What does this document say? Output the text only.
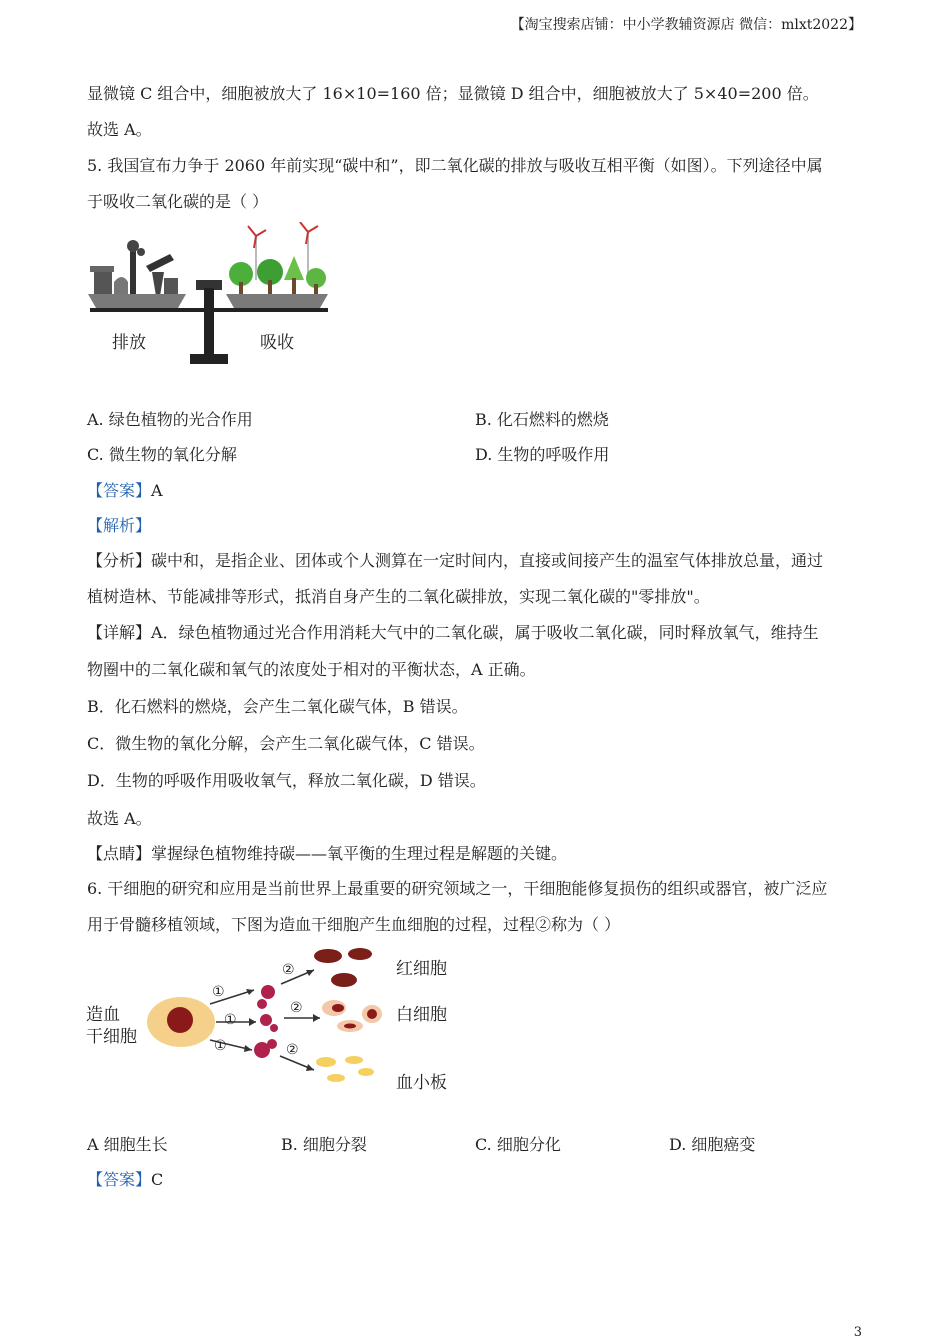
【淘宝搜索店铺：中小学教辅资源店 微信：mlxt2022】
显微镜 C 组合中，细胞被放大了 16×10=160 倍；显微镜 D 组合中，细胞被放大了 5×40=200 倍。
故选 A。
5. 我国宣布力争于 2060 年前实现“碳中和”，即二氧化碳的排放与吸收互相平衡（如图）。下列途径中属
于吸收二氧化碳的是（ ）
排放	吸收
A. 绿色植物的光合作用	B. 化石燃料的燃烧
C. 微生物的氧化分解	D. 生物的呼吸作用
【答案】A
【解析】
【分析】碳中和，是指企业、团体或个人测算在一定时间内，直接或间接产生的温室气体排放总量，通过
植树造林、节能减排等形式，抵消自身产生的二氧化碳排放，实现二氧化碳的"零排放"。
【详解】A．绿色植物通过光合作用消耗大气中的二氧化碳，属于吸收二氧化碳，同时释放氧气，维持生
物圈中的二氧化碳和氧气的浓度处于相对的平衡状态，A 正确。
B．化石燃料的燃烧，会产生二氧化碳气体，B 错误。
C．微生物的氧化分解，会产生二氧化碳气体，C 错误。
D．生物的呼吸作用吸收氧气，释放二氧化碳，D 错误。
故选 A。
【点睛】掌握绿色植物维持碳——氧平衡的生理过程是解题的关键。
6. 干细胞的研究和应用是当前世界上最重要的研究领域之一，干细胞能修复损伤的组织或器官，被广泛应
用于骨髓移植领域，下图为造血干细胞产生血细胞的过程，过程②称为（ ）
造血
干细胞
①
①
①
②
②
②
红细胞
白细胞
血小板
A 细胞生长	B. 细胞分裂	C. 细胞分化	D. 细胞癌变
【答案】C
3
